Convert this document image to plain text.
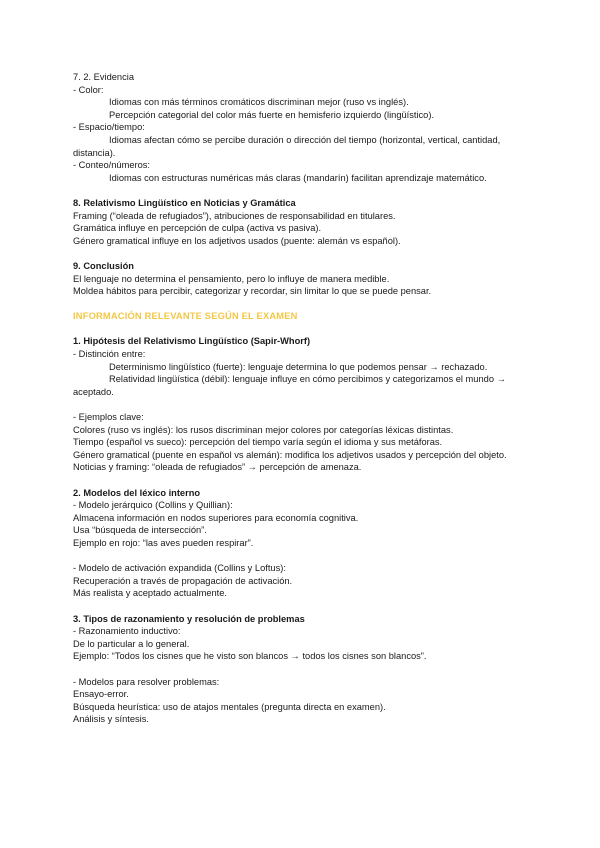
7. 2. Evidencia
- Color:
Idiomas con más términos cromáticos discriminan mejor (ruso vs inglés).
Percepción categorial del color más fuerte en hemisferio izquierdo (lingüístico).
- Espacio/tiempo:
Idiomas afectan cómo se percibe duración o dirección del tiempo (horizontal, vertical, cantidad, distancia).
- Conteo/números:
Idiomas con estructuras numéricas más claras (mandarín) facilitan aprendizaje matemático.
8. Relativismo Lingüístico en Noticias y Gramática
Framing (“oleada de refugiados”), atribuciones de responsabilidad en titulares.
Gramática influye en percepción de culpa (activa vs pasiva).
Género gramatical influye en los adjetivos usados (puente: alemán vs español).
9. Conclusión
El lenguaje no determina el pensamiento, pero lo influye de manera medible.
Moldea hábitos para percibir, categorizar y recordar, sin limitar lo que se puede pensar.
INFORMACIÓN RELEVANTE SEGÚN EL EXAMEN
1. Hipótesis del Relativismo Lingüístico (Sapir-Whorf)
- Distinción entre:
Determinismo lingüístico (fuerte): lenguaje determina lo que podemos pensar → rechazado.
Relatividad lingüística (débil): lenguaje influye en cómo percibimos y categorizamos el mundo → aceptado.
- Ejemplos clave:
Colores (ruso vs inglés): los rusos discriminan mejor colores por categorías léxicas distintas.
Tiempo (español vs sueco): percepción del tiempo varía según el idioma y sus metáforas.
Género gramatical (puente en español vs alemán): modifica los adjetivos usados y percepción del objeto.
Noticias y framing: “oleada de refugiados” → percepción de amenaza.
2. Modelos del léxico interno
- Modelo jerárquico (Collins y Quillian):
Almacena información en nodos superiores para economía cognitiva.
Usa “búsqueda de intersección”.
Ejemplo en rojo: “las aves pueden respirar”.
- Modelo de activación expandida (Collins y Loftus):
Recuperación a través de propagación de activación.
Más realista y aceptado actualmente.
3. Tipos de razonamiento y resolución de problemas
- Razonamiento inductivo:
De lo particular a lo general.
Ejemplo: “Todos los cisnes que he visto son blancos → todos los cisnes son blancos”.
- Modelos para resolver problemas:
Ensayo-error.
Búsqueda heurística: uso de atajos mentales (pregunta directa en examen).
Análisis y síntesis.
